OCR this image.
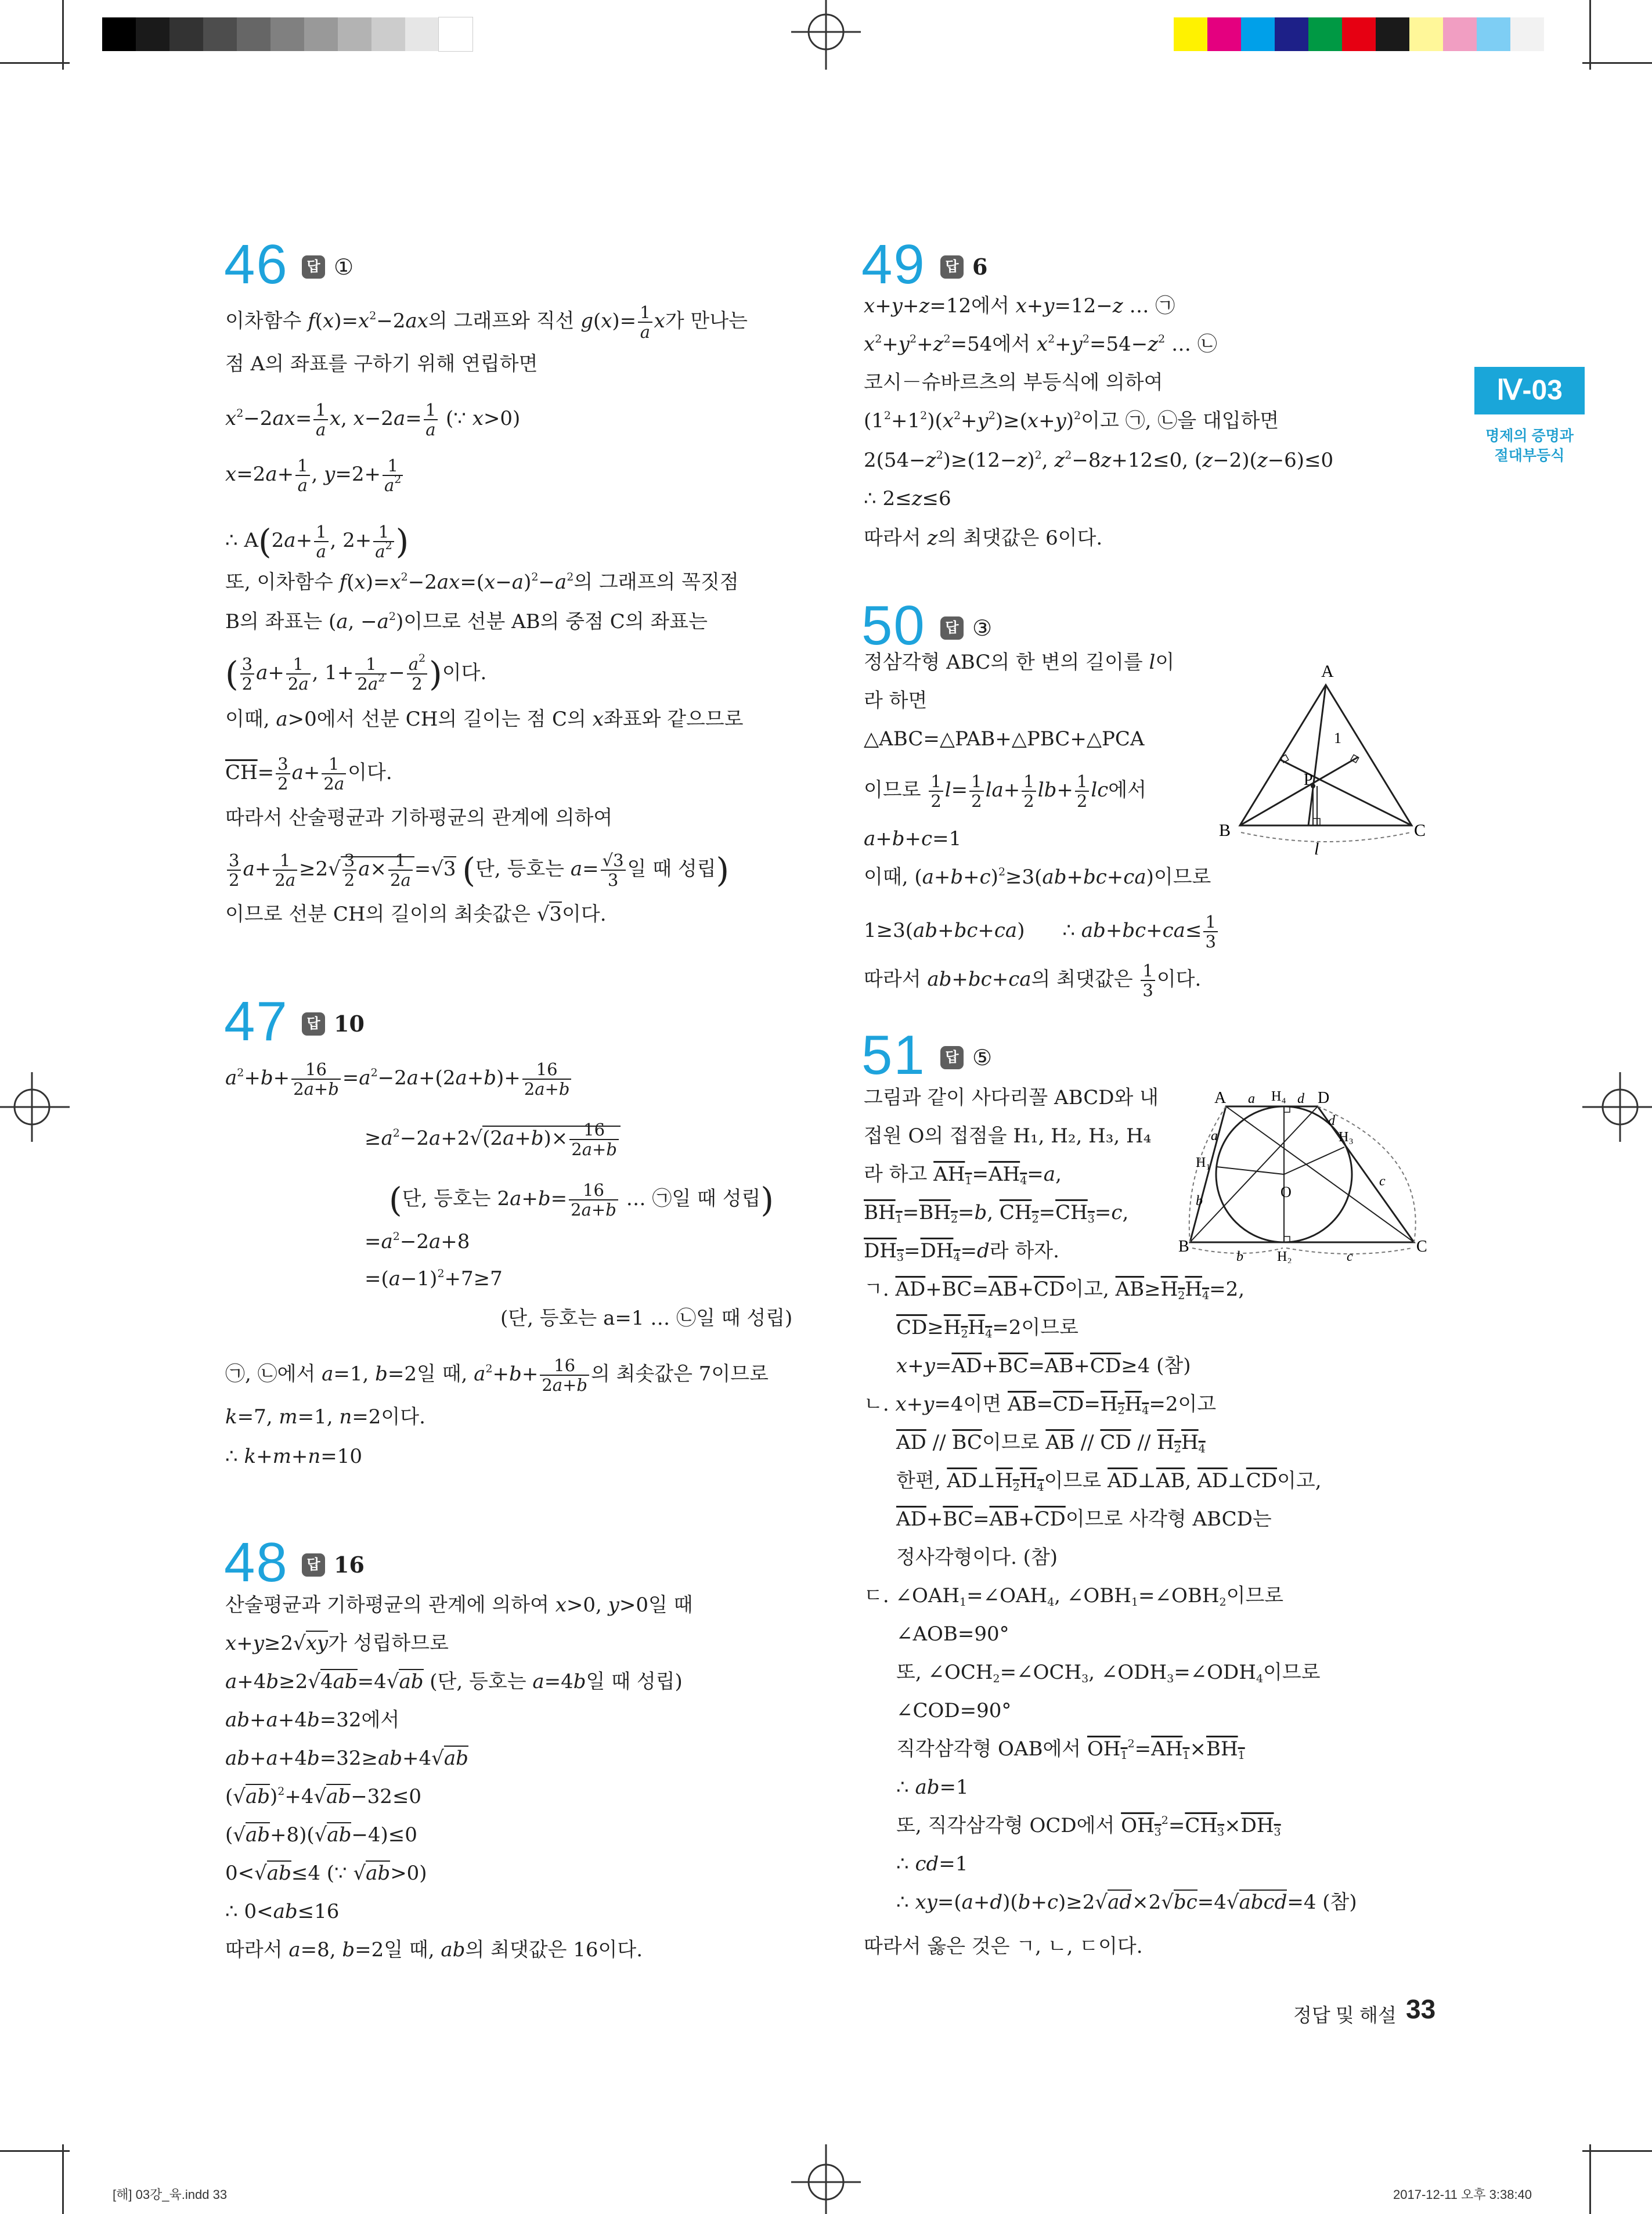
Ⅳ-03
명제의 증명과
절대부등식
46	답 ①
이차함수 $f(x)=x^2-2ax$의 그래프와 직선 $g(x)= \frac{1}{a}$ x가 만나는
점 A의 좌표를 구하기 위해 연립하면
$x^2-2ax= \frac{1}{a} x$, $x-2a= \frac{1}{a}$ (∵ x>0)
$x=2a+ \frac{1}{a}$ , $y=2+ \frac{1}{a^2}$
∴ $A(2a+ \frac{1}{a}$ , $2+ \frac{1}{a^2}$ )
또, 이차함수 $f(x)=x^2-2ax=(x-a)^2-a^2$의 그래프의 꼭짓점
B의 좌표는 (a, $-a^2$)이므로 선분 AB의 중점 C의 좌표는
( $\frac{3}{2} a+ \frac{1}{2a}$ , $1+ \frac{1}{2a^2} - \frac{a^2}{2}$ )이다.
이때, a>0에서 선분 CH의 길이는 점 C의 x좌표와 같으므로
$\overline{CH}= \frac{3}{2} a+ \frac{1}{2a}$ 이다.
따라서 산술평균과 기하평균의 관계에 의하여
$\frac{3}{2} a+ \frac{1}{2a} \ge 2√ \frac{3}{2} a\times \frac{1}{2a} =√3$ (단, 등호는 $a= \frac{√3}{3}$ 일 때 성립)
이므로 선분 CH의 길이의 최솟값은 √3이다.
47	답 10
$a^2+b+ \frac{16}{2a+b} =a^2-2a+(2a+b)+ \frac{16}{2a+b}$
$\ge a^2-2a+2√(2a+b)\times \frac{16}{2a+b}$
(단, 등호는 $2a+b= \frac{16}{2a+b}$ … ㉠일 때 성립)
$=a^2-2a+8$
$=(a-1)^2+7\ge 7$
(단, 등호는 a=1 … ㉡일 때 성립)
㉠, ㉡에서 a=1, b=2일 때, $a^2+b+ \frac{16}{2a+b}$ 의 최솟값은 7이므로
k=7, m=1, n=2이다.
∴ k+m+n=10
48	답 16
산술평균과 기하평균의 관계에 의하여 x>0, y>0일 때
x+y≥2√xy가 성립하므로
a+4b≥2√4ab=4√ab (단, 등호는 a=4b일 때 성립)
ab+a+4b=32에서
ab+a+4b=32≥ab+4√ab
$(√ab)^2+4√ab-32\le 0$
(√ab+8)(√ab−4)≤0
0<√ab≤4 (∵ √ab>0)
∴ 0<ab≤16
따라서 a=8, b=2일 때, ab의 최댓값은 16이다.
49	답 6
x+y+z=12에서 x+y=12−z … ㉠
$x^2+y^2+z^2=54$에서 $x^2+y^2=54-z^2$ … ㉡
코시－슈바르츠의 부등식에 의하여
$(1^2+1^2)(x^2+y^2)\ge(x+y)^2$이고 ㉠, ㉡을 대입하면
$2(54-z^2)\ge(12-z)^2$, $z^2-8z+12\le 0$, (z−2)(z−6)≤0
∴ 2≤z≤6
따라서 z의 최댓값은 6이다.
50	답 ③
정삼각형 ABC의 한 변의 길이를 l이
라 하면
△ABC=△PAB+△PBC+△PCA
이므로 $\frac{1}{2} l= \frac{1}{2} la+ \frac{1}{2} lb+ \frac{1}{2}$ lc에서
a+b+c=1
이때, $(a+b+c)^2\ge 3(ab+bc+ca)$이므로
1≥3(ab+bc+ca)      ∴ $ab+bc+ca\le \frac{1}{3}$
따라서 ab+bc+ca의 최댓값은 $\frac{1}{3}$ 이다.
A
B	C
P
1
l
51	답 ⑤
그림과 같이 사다리꼴 ABCD와 내
접원 O의 접점을 H₁, H₂, H₃, H₄
라 하고 $AH_1=AH_4=a$,
$BH_1=BH_2=b$, $CH_2=CH_3=c$,
$DH_3=DH_4=d$라 하자.
ㄱ. $\overline{AD}+\overline{BC}=\overline{AB}+\overline{CD}$이고, $\overline{AB}\ge H_2H_4=2$,
$\overline{CD}\ge H_2H_4=2$이므로
$x+y=\overline{AD}+\overline{BC}=\overline{AB}+\overline{CD}\ge 4$ (참)
ㄴ. x+y=4이면 $\overline{AB}=\overline{CD}=H_2H_4=2$이고
$\overline{AD} // \overline{BC}$이므로 $\overline{AB} // \overline{CD} // H_2H_4$
한편, $\overline{AD}\perp H_2H_4$이므로 $\overline{AD}\perp\overline{AB}$, $\overline{AD}\perp\overline{CD}$이고,
$\overline{AD}+\overline{BC}=\overline{AB}+\overline{CD}$이므로 사각형 ABCD는
정사각형이다. (참)
ㄷ. $\angle OAH_1=\angle OAH_4$, $\angle OBH_1=\angle OBH_2$이므로
∠AOB=90°
또, $\angle OCH_2=\angle OCH_3$, $\angle ODH_3=\angle ODH_4$이므로
∠COD=90°
직각삼각형 OAB에서 $OH_1^2=AH_1\times BH_1$
∴ ab=1
또, 직각삼각형 OCD에서 $OH_3^2=CH_3\times DH_3$
∴ cd=1
∴ xy=(a+d)(b+c)≥2√ad×2√bc=4√abcd=4 (참)
따라서 옳은 것은 ㄱ, ㄴ, ㄷ이다.
A	D
B	C
O
H₄
H₂
H₁
H₃
a
a
d
d
b
b
c
c
정답 및 해설 33
[해] 03강_육.indd 33	2017-12-11 오후 3:38:40
